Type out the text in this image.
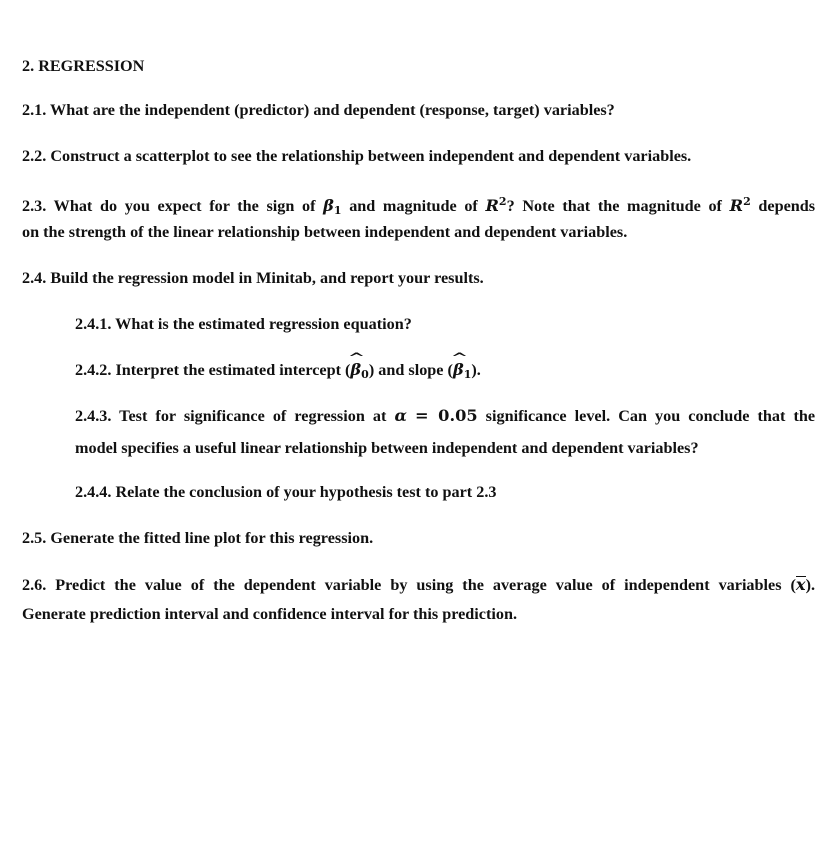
2. REGRESSION
2.1. What are the independent (predictor) and dependent (response, target) variables?
2.2. Construct a scatterplot to see the relationship between independent and dependent variables.
2.3. What do you expect for the sign of $\beta_1$ and magnitude of $R^2$? Note that the magnitude of $R^2$ depends
on the strength of the linear relationship between independent and dependent variables.
2.4. Build the regression model in Minitab, and report your results.
2.4.1. What is the estimated regression equation?
2.4.2. Interpret the estimated intercept (^ $\beta_0$) and slope (^ $\beta_1$).
2.4.3. Test for significance of regression at α = 0.05 significance level. Can you conclude that the
model specifies a useful linear relationship between independent and dependent variables?
2.4.4. Relate the conclusion of your hypothesis test to part 2.3
2.5. Generate the fitted line plot for this regression.
2.6. Predict the value of the dependent variable by using the average value of independent variables (x).
Generate prediction interval and confidence interval for this prediction.
